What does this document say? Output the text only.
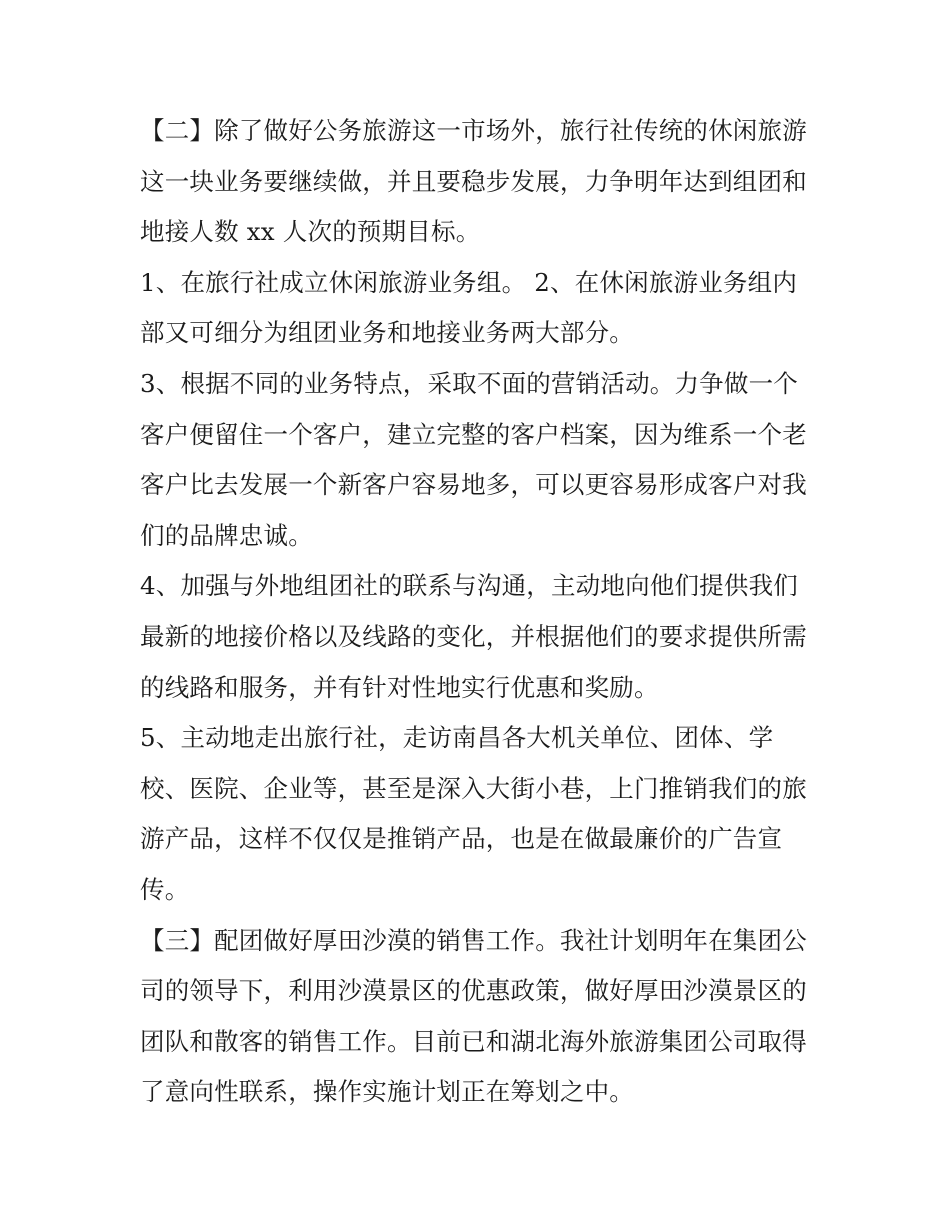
【二】除了做好公务旅游这一市场外，旅行社传统的休闲旅游
这一块业务要继续做，并且要稳步发展，力争明年达到组团和
地接人数 xx 人次的预期目标。
1、在旅行社成立休闲旅游业务组。 2、在休闲旅游业务组内
部又可细分为组团业务和地接业务两大部分。
3、根据不同的业务特点，采取不面的营销活动。力争做一个
客户便留住一个客户，建立完整的客户档案，因为维系一个老
客户比去发展一个新客户容易地多，可以更容易形成客户对我
们的品牌忠诚。
4、加强与外地组团社的联系与沟通，主动地向他们提供我们
最新的地接价格以及线路的变化，并根据他们的要求提供所需
的线路和服务，并有针对性地实行优惠和奖励。
5、主动地走出旅行社，走访南昌各大机关单位、团体、学
校、医院、企业等，甚至是深入大街小巷，上门推销我们的旅
游产品，这样不仅仅是推销产品，也是在做最廉价的广告宣
传。
【三】配团做好厚田沙漠的销售工作。我社计划明年在集团公
司的领导下，利用沙漠景区的优惠政策，做好厚田沙漠景区的
团队和散客的销售工作。目前已和湖北海外旅游集团公司取得
了意向性联系，操作实施计划正在筹划之中。
